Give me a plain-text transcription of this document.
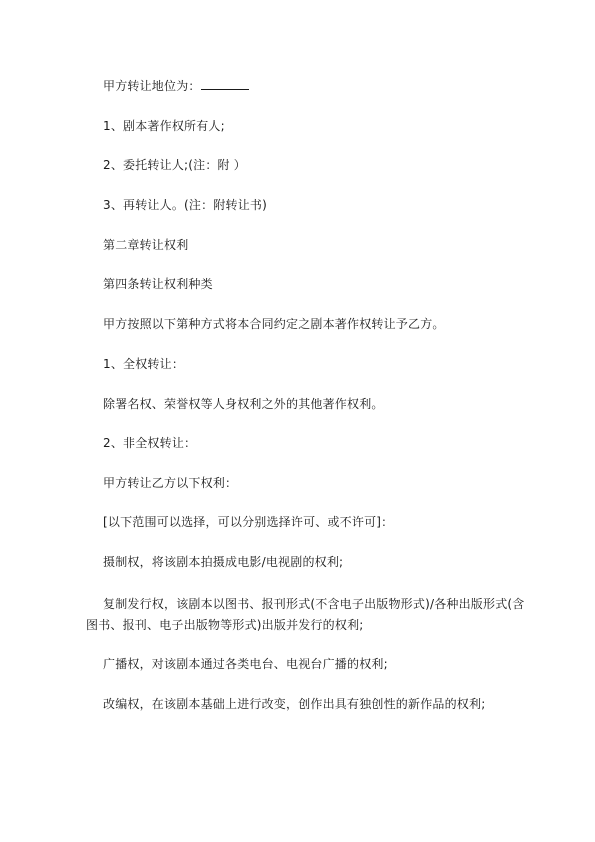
甲方转让地位为：
1、剧本著作权所有人;
2、委托转让人;(注：附 ）
3、再转让人。(注：附转让书)
第二章转让权利
第四条转让权利种类
甲方按照以下第种方式将本合同约定之剧本著作权转让予乙方。
1、全权转让：
除署名权、荣誉权等人身权利之外的其他著作权利。
2、非全权转让：
甲方转让乙方以下权利：
[以下范围可以选择，可以分别选择许可、或不许可]：
摄制权，将该剧本拍摄成电影/电视剧的权利;
复制发行权，该剧本以图书、报刊形式(不含电子出版物形式)/各种出版形式(含
图书、报刊、电子出版物等形式)出版并发行的权利;
广播权，对该剧本通过各类电台、电视台广播的权利;
改编权，在该剧本基础上进行改变，创作出具有独创性的新作品的权利;
